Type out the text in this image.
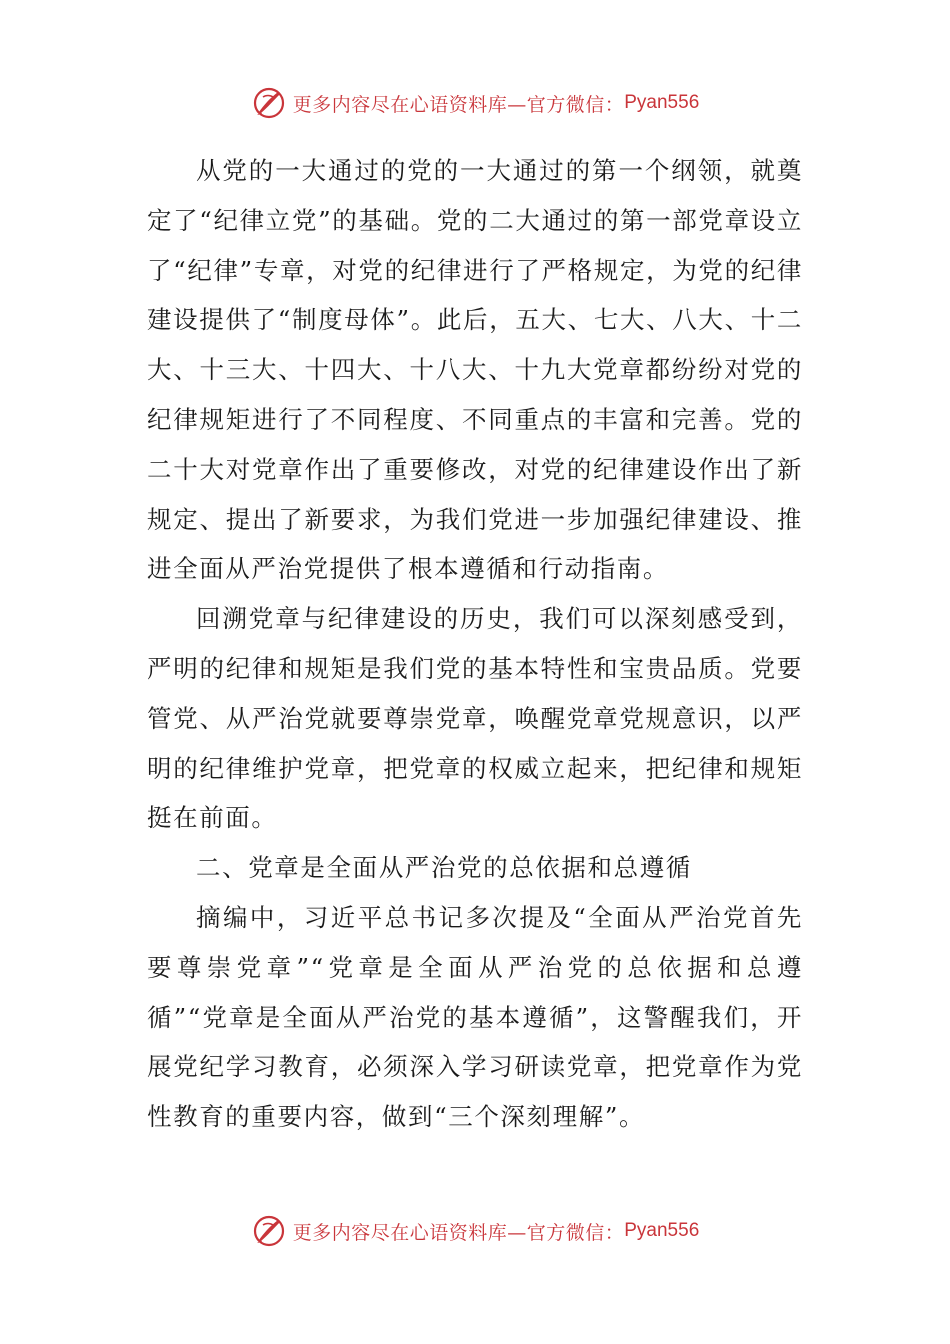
更多内容尽在心语资料库—官方微信： Pyan556

从党的一大通过的党的一大通过的第一个纲领，就奠定了“纪律立党”的基础。党的二大通过的第一部党章设立了“纪律”专章，对党的纪律进行了严格规定，为党的纪律建设提供了“制度母体”。此后，五大、七大、八大、十二大、十三大、十四大、十八大、十九大党章都纷纷对党的纪律规矩进行了不同程度、不同重点的丰富和完善。党的二十大对党章作出了重要修改，对党的纪律建设作出了新规定、提出了新要求，为我们党进一步加强纪律建设、推进全面从严治党提供了根本遵循和行动指南。

回溯党章与纪律建设的历史，我们可以深刻感受到，严明的纪律和规矩是我们党的基本特性和宝贵品质。党要管党、从严治党就要尊崇党章，唤醒党章党规意识，以严明的纪律维护党章，把党章的权威立起来，把纪律和规矩挺在前面。

二、党章是全面从严治党的总依据和总遵循

摘编中，习近平总书记多次提及“全面从严治党首先要尊崇党章”“党章是全面从严治党的总依据和总遵循”“党章是全面从严治党的基本遵循”，这警醒我们，开展党纪学习教育，必须深入学习研读党章，把党章作为党性教育的重要内容，做到“三个深刻理解”。

更多内容尽在心语资料库—官方微信： Pyan556
